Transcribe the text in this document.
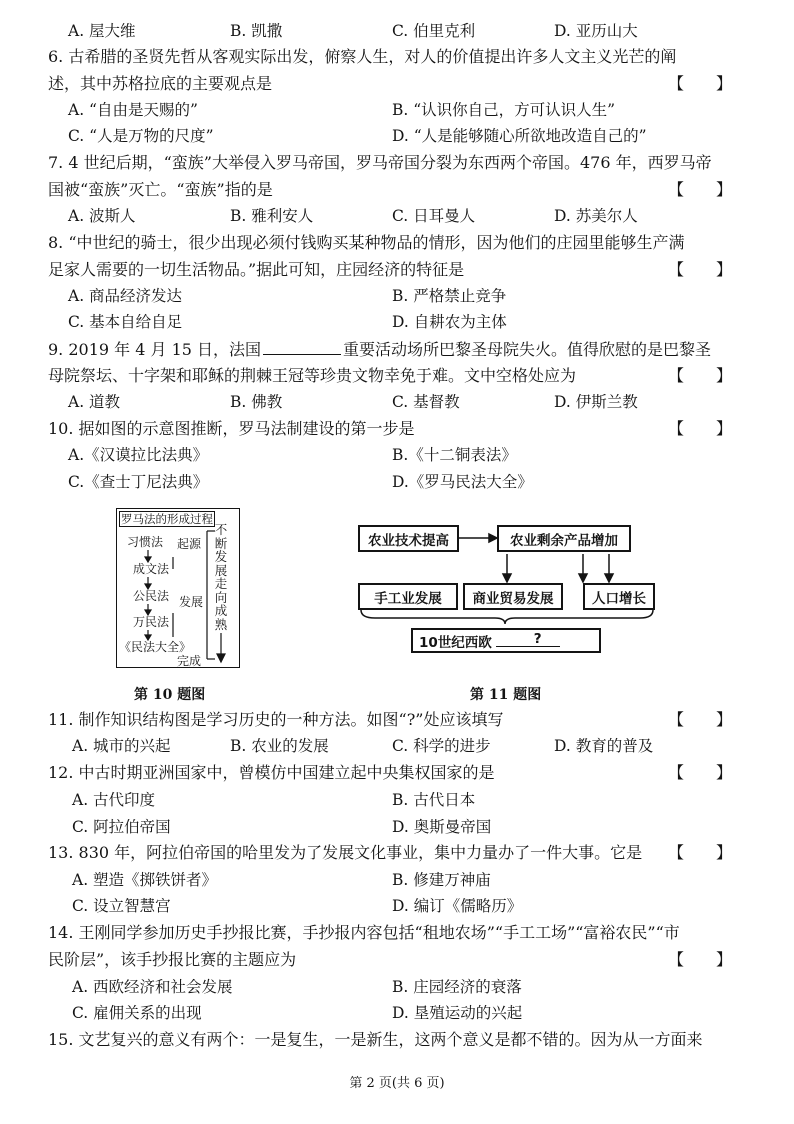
A. 屋大维	B. 凯撒	C. 伯里克利	D. 亚历山大
6. 古希腊的圣贤先哲从客观实际出发，俯察人生，对人的价值提出许多人文主义光芒的阐
述，其中苏格拉底的主要观点是	【　　】
A. “自由是天赐的”	B. “认识你自己，方可认识人生”
C. “人是万物的尺度”	D. “人是能够随心所欲地改造自己的”
7. 4 世纪后期，“蛮族”大举侵入罗马帝国，罗马帝国分裂为东西两个帝国。476 年，西罗马帝
国被“蛮族”灭亡。“蛮族”指的是	【　　】
A. 波斯人	B. 雅利安人	C. 日耳曼人	D. 苏美尔人
8. “中世纪的骑士，很少出现必须付钱购买某种物品的情形，因为他们的庄园里能够生产满
足家人需要的一切生活物品。”据此可知，庄园经济的特征是	【　　】
A. 商品经济发达	B. 严格禁止竞争
C. 基本自给自足	D. 自耕农为主体
9. 2019 年 4 月 15 日，法国	重要活动场所巴黎圣母院失火。值得欣慰的是巴黎圣
母院祭坛、十字架和耶稣的荆棘王冠等珍贵文物幸免于难。文中空格处应为	【　　】
A. 道教	B. 佛教	C. 基督教	D. 伊斯兰教
10. 据如图的示意图推断，罗马法制建设的第一步是	【　　】
A.《汉谟拉比法典》	B.《十二铜表法》
C.《查士丁尼法典》	D.《罗马民法大全》
罗马法的形成过程
习惯法
成文法
公民法
万民法
《民法大全》
起源
发展
完成
不
断
发
展
走
向
成
熟
第 10 题图
农业技术提高	农业剩余产品增加
手工业发展	商业贸易发展	人口增长
10世纪西欧	?
第 11 题图
11. 制作知识结构图是学习历史的一种方法。如图“?”处应该填写	【　　】
A. 城市的兴起	B. 农业的发展	C. 科学的进步	D. 教育的普及
12. 中古时期亚洲国家中，曾模仿中国建立起中央集权国家的是	【　　】
A. 古代印度	B. 古代日本
C. 阿拉伯帝国	D. 奥斯曼帝国
13. 830 年，阿拉伯帝国的哈里发为了发展文化事业，集中力量办了一件大事。它是 【　　】
A. 塑造《掷铁饼者》	B. 修建万神庙
C. 设立智慧宫	D. 编订《儒略历》
14. 王刚同学参加历史手抄报比赛，手抄报内容包括“租地农场”“手工工场”“富裕农民”“市
民阶层”，该手抄报比赛的主题应为	【　　】
A. 西欧经济和社会发展	B. 庄园经济的衰落
C. 雇佣关系的出现	D. 垦殖运动的兴起
15. 文艺复兴的意义有两个：一是复生，一是新生，这两个意义是都不错的。因为从一方面来
第 2 页(共 6 页)
